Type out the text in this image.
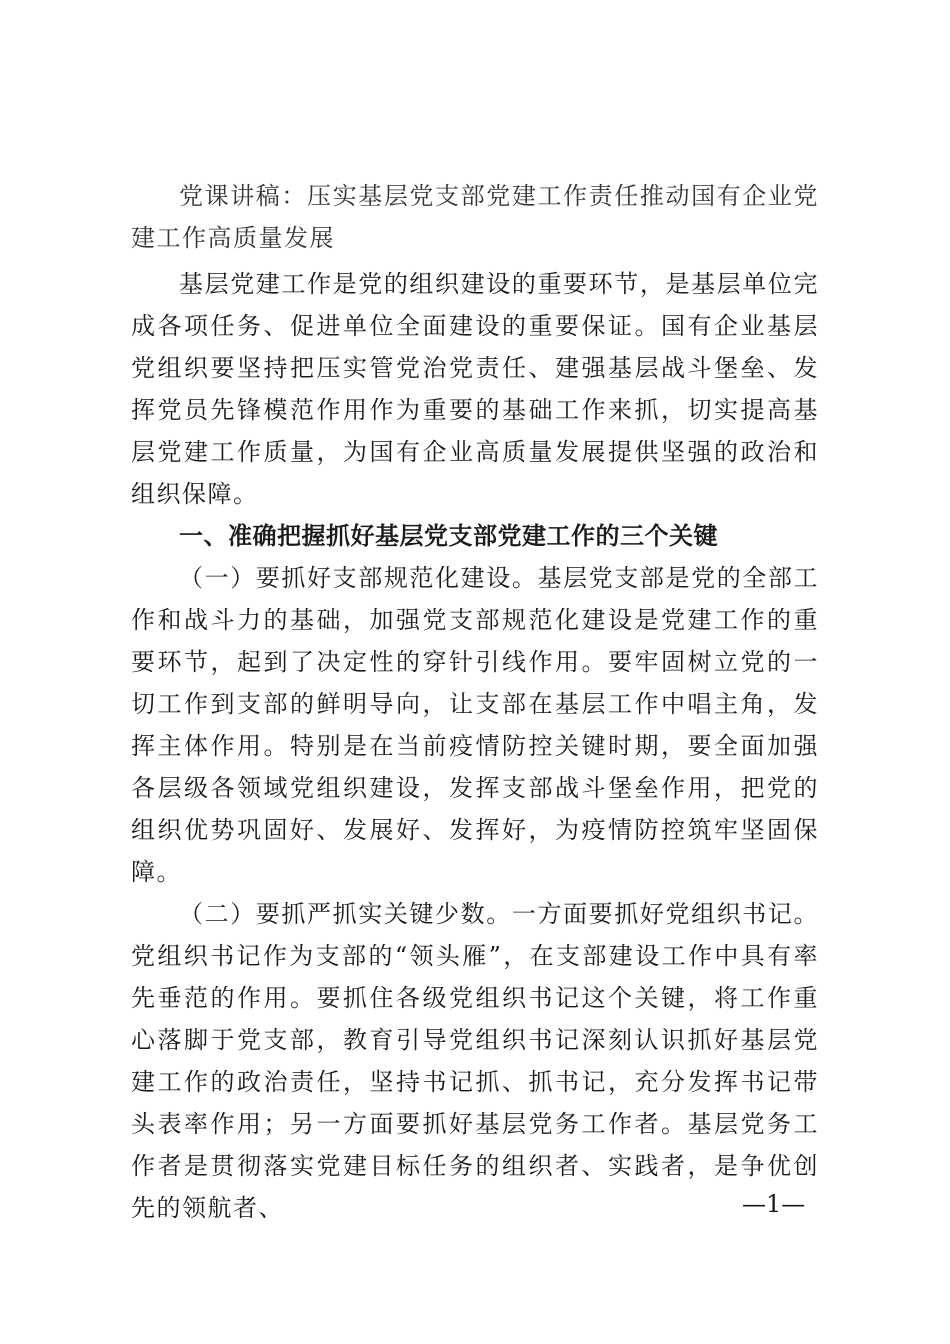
党课讲稿：压实基层党支部党建工作责任推动国有企业党建工作高质量发展

基层党建工作是党的组织建设的重要环节，是基层单位完成各项任务、促进单位全面建设的重要保证。国有企业基层党组织要坚持把压实管党治党责任、建强基层战斗堡垒、发挥党员先锋模范作用作为重要的基础工作来抓，切实提高基层党建工作质量，为国有企业高质量发展提供坚强的政治和组织保障。

一、准确把握抓好基层党支部党建工作的三个关键

（一）要抓好支部规范化建设。基层党支部是党的全部工作和战斗力的基础，加强党支部规范化建设是党建工作的重要环节，起到了决定性的穿针引线作用。要牢固树立党的一切工作到支部的鲜明导向，让支部在基层工作中唱主角，发挥主体作用。特别是在当前疫情防控关键时期，要全面加强各层级各领域党组织建设，发挥支部战斗堡垒作用，把党的组织优势巩固好、发展好、发挥好，为疫情防控筑牢坚固保障。

（二）要抓严抓实关键少数。一方面要抓好党组织书记。党组织书记作为支部的“领头雁”，在支部建设工作中具有率先垂范的作用。要抓住各级党组织书记这个关键，将工作重心落脚于党支部，教育引导党组织书记深刻认识抓好基层党建工作的政治责任，坚持书记抓、抓书记，充分发挥书记带头表率作用；另一方面要抓好基层党务工作者。基层党务工作者是贯彻落实党建目标任务的组织者、实践者，是争优创先的领航者、	—1—
